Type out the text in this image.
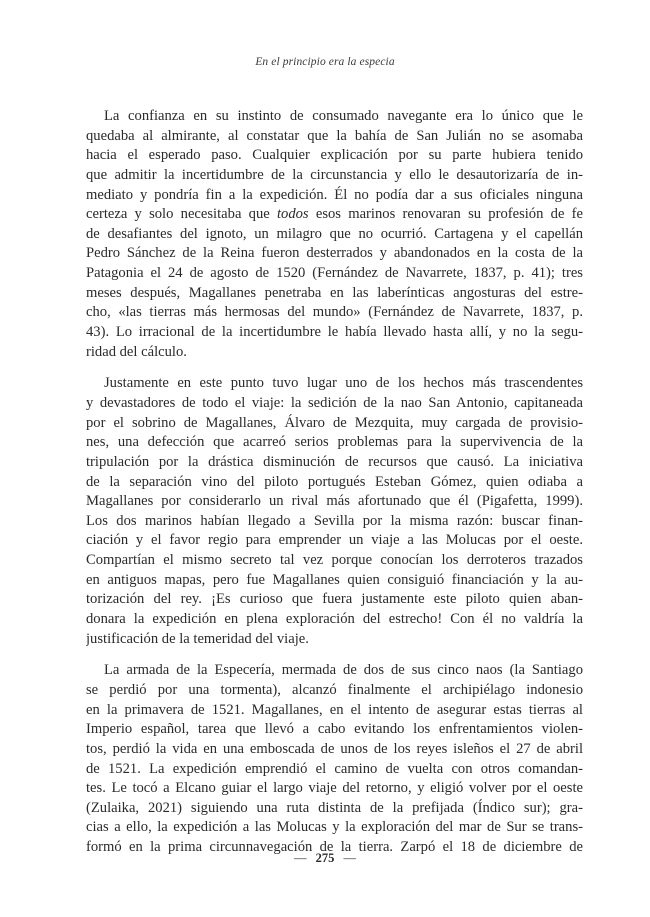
En el principio era la especia
La confianza en su instinto de consumado navegante era lo único que le
quedaba al almirante, al constatar que la bahía de San Julián no se asomaba
hacia el esperado paso. Cualquier explicación por su parte hubiera tenido
que admitir la incertidumbre de la circunstancia y ello le desautorizaría de in-
mediato y pondría fin a la expedición. Él no podía dar a sus oficiales ninguna
certeza y solo necesitaba que todos esos marinos renovaran su profesión de fe
de desafiantes del ignoto, un milagro que no ocurrió. Cartagena y el capellán
Pedro Sánchez de la Reina fueron desterrados y abandonados en la costa de la
Patagonia el 24 de agosto de 1520 (Fernández de Navarrete, 1837, p. 41); tres
meses después, Magallanes penetraba en las laberínticas angosturas del estre-
cho, «las tierras más hermosas del mundo» (Fernández de Navarrete, 1837, p.
43). Lo irracional de la incertidumbre le había llevado hasta allí, y no la segu-
ridad del cálculo.
Justamente en este punto tuvo lugar uno de los hechos más trascendentes
y devastadores de todo el viaje: la sedición de la nao San Antonio, capitaneada
por el sobrino de Magallanes, Álvaro de Mezquita, muy cargada de provisio-
nes, una defección que acarreó serios problemas para la supervivencia de la
tripulación por la drástica disminución de recursos que causó. La iniciativa
de la separación vino del piloto portugués Esteban Gómez, quien odiaba a
Magallanes por considerarlo un rival más afortunado que él (Pigafetta, 1999).
Los dos marinos habían llegado a Sevilla por la misma razón: buscar finan-
ciación y el favor regio para emprender un viaje a las Molucas por el oeste.
Compartían el mismo secreto tal vez porque conocían los derroteros trazados
en antiguos mapas, pero fue Magallanes quien consiguió financiación y la au-
torización del rey. ¡Es curioso que fuera justamente este piloto quien aban-
donara la expedición en plena exploración del estrecho! Con él no valdría la
justificación de la temeridad del viaje.
La armada de la Especería, mermada de dos de sus cinco naos (la Santiago
se perdió por una tormenta), alcanzó finalmente el archipiélago indonesio
en la primavera de 1521. Magallanes, en el intento de asegurar estas tierras al
Imperio español, tarea que llevó a cabo evitando los enfrentamientos violen-
tos, perdió la vida en una emboscada de unos de los reyes isleños el 27 de abril
de 1521. La expedición emprendió el camino de vuelta con otros comandan-
tes. Le tocó a Elcano guiar el largo viaje del retorno, y eligió volver por el oeste
(Zulaika, 2021) siguiendo una ruta distinta de la prefijada (Índico sur); gra-
cias a ello, la expedición a las Molucas y la exploración del mar de Sur se trans-
formó en la prima circunnavegación de la tierra. Zarpó el 18 de diciembre de
— 275 —
